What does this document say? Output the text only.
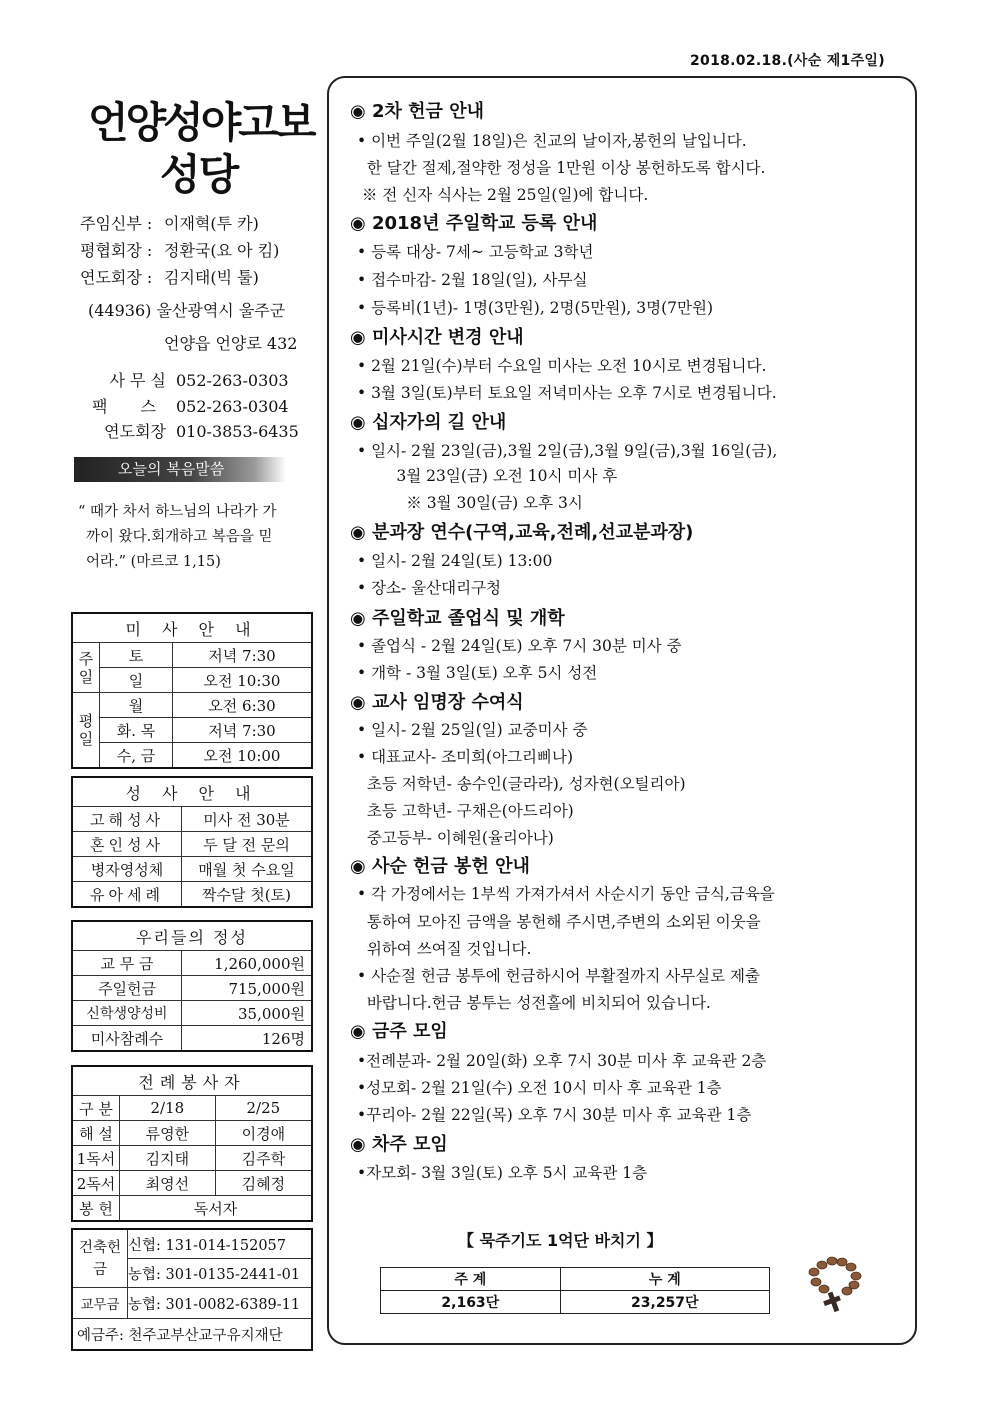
2018.02.18.(사순 제1주일)
언양성야고보
성당
주임신부 : 이재혁(투 카)
평협회장 : 정환국(요 아 킴)
연도회장 : 김지태(빅 툴)
(44936) 울산광역시 울주군
언양읍 언양로 432
사 무 실 052-263-0303
팩 스 052-263-0304
연도회장 010-3853-6435
오늘의 복음말씀
“ 때가 차서 하느님의 나라가 가
까이 왔다.회개하고 복음을 믿
어라.” (마르코 1,15)
미 사 안 내		
주일	토	저녁 7:30
	일	오전 10:30
평일	월	오전 6:30
	화. 목	저녁 7:30
	수, 금	오전 10:00
성 사 안 내	
고해성사	미사 전 30분
혼인성사	두 달 전 문의
병자영성체	매월 첫 수요일
유아세례	짝수달 첫(토)
우리들의 정성	
교 무 금	1,260,000원
주일헌금	715,000원
신학생양성비	35,000원
미사참례수	126명
전례봉사자		
구 분	2/18	2/25
해 설	류영한	이경애
1독서	김지태	김주학
2독서	최영선	김혜정
봉 헌	독서자	
건축헌금	신협: 131-014-152057
	농협: 301-0135-2441-01
교무금	농협: 301-0082-6389-11
예금주: 천주교부산교구유지재단	
◉ 2차 헌금 안내
• 이번 주일(2월 18일)은 친교의 날이자,봉헌의 날입니다.
한 달간 절제,절약한 정성을 1만원 이상 봉헌하도록 합시다.
※ 전 신자 식사는 2월 25일(일)에 합니다.
◉ 2018년 주일학교 등록 안내
• 등록 대상- 7세~ 고등학교 3학년
• 접수마감- 2월 18일(일), 사무실
• 등록비(1년)- 1명(3만원), 2명(5만원), 3명(7만원)
◉ 미사시간 변경 안내
• 2월 21일(수)부터 수요일 미사는 오전 10시로 변경됩니다.
• 3월 3일(토)부터 토요일 저녁미사는 오후 7시로 변경됩니다.
◉ 십자가의 길 안내
• 일시- 2월 23일(금),3월 2일(금),3월 9일(금),3월 16일(금),
3월 23일(금) 오전 10시 미사 후
※ 3월 30일(금) 오후 3시
◉ 분과장 연수(구역,교육,전례,선교분과장)
• 일시- 2월 24일(토) 13:00
• 장소- 울산대리구청
◉ 주일학교 졸업식 및 개학
• 졸업식 - 2월 24일(토) 오후 7시 30분 미사 중
• 개학 - 3월 3일(토) 오후 5시 성전
◉ 교사 임명장 수여식
• 일시- 2월 25일(일) 교중미사 중
• 대표교사- 조미희(아그리삐나)
초등 저학년- 송수인(글라라), 성자현(오틸리아)
초등 고학년- 구채은(아드리아)
중고등부- 이혜원(율리아나)
◉ 사순 헌금 봉헌 안내
• 각 가정에서는 1부씩 가져가셔서 사순시기 동안 금식,금육을
통하여 모아진 금액을 봉헌해 주시면,주변의 소외된 이웃을
위하여 쓰여질 것입니다.
• 사순절 헌금 봉투에 헌금하시어 부활절까지 사무실로 제출
바랍니다.헌금 봉투는 성전홀에 비치되어 있습니다.
◉ 금주 모임
•전례분과- 2월 20일(화) 오후 7시 30분 미사 후 교육관 2층
•성모회- 2월 21일(수) 오전 10시 미사 후 교육관 1층
•꾸리아- 2월 22일(목) 오후 7시 30분 미사 후 교육관 1층
◉ 차주 모임
•자모회- 3월 3일(토) 오후 5시 교육관 1층
【 묵주기도 1억단 바치기 】
주 계	누 계
2,163단	23,257단
